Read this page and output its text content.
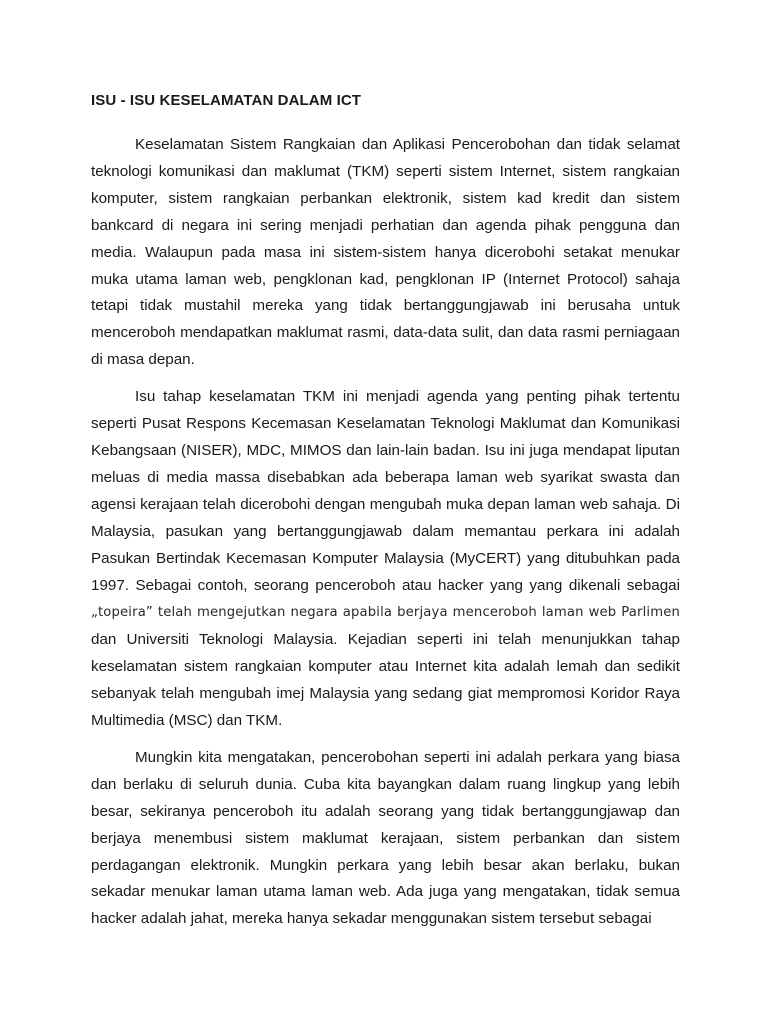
ISU - ISU KESELAMATAN DALAM ICT

Keselamatan Sistem Rangkaian dan Aplikasi Pencerobohan dan tidak selamat teknologi komunikasi dan maklumat (TKM) seperti sistem Internet, sistem rangkaian komputer, sistem rangkaian perbankan elektronik, sistem kad kredit dan sistem bankcard di negara ini sering menjadi perhatian dan agenda pihak pengguna dan media. Walaupun pada masa ini sistem-sistem hanya dicerobohi setakat menukar muka utama laman web, pengklonan kad, pengklonan IP (Internet Protocol) sahaja tetapi tidak mustahil mereka yang tidak bertanggungjawab ini berusaha untuk menceroboh mendapatkan maklumat rasmi, data-data sulit, dan data rasmi perniagaan di masa depan.

Isu tahap keselamatan TKM ini menjadi agenda yang penting pihak tertentu seperti Pusat Respons Kecemasan Keselamatan Teknologi Maklumat dan Komunikasi Kebangsaan (NISER), MDC, MIMOS dan lain-lain badan. Isu ini juga mendapat liputan meluas di media massa disebabkan ada beberapa laman web syarikat swasta dan agensi kerajaan telah dicerobohi dengan mengubah muka depan laman web sahaja. Di Malaysia, pasukan yang bertanggungjawab dalam memantau perkara ini adalah Pasukan Bertindak Kecemasan Komputer Malaysia (MyCERT) yang ditubuhkan pada 1997. Sebagai contoh, seorang penceroboh atau hacker yang yang dikenali sebagai „topeira” telah mengejutkan negara apabila berjaya menceroboh laman web Parlimen dan Universiti Teknologi Malaysia. Kejadian seperti ini telah menunjukkan tahap keselamatan sistem rangkaian komputer atau Internet kita adalah lemah dan sedikit sebanyak telah mengubah imej Malaysia yang sedang giat mempromosi Koridor Raya Multimedia (MSC) dan TKM.

Mungkin kita mengatakan, pencerobohan seperti ini adalah perkara yang biasa dan berlaku di seluruh dunia. Cuba kita bayangkan dalam ruang lingkup yang lebih besar, sekiranya penceroboh itu adalah seorang yang tidak bertanggungjawap dan berjaya menembusi sistem maklumat kerajaan, sistem perbankan dan sistem perdagangan elektronik. Mungkin perkara yang lebih besar akan berlaku, bukan sekadar menukar laman utama laman web. Ada juga yang mengatakan, tidak semua hacker adalah jahat, mereka hanya sekadar menggunakan sistem tersebut sebagai
